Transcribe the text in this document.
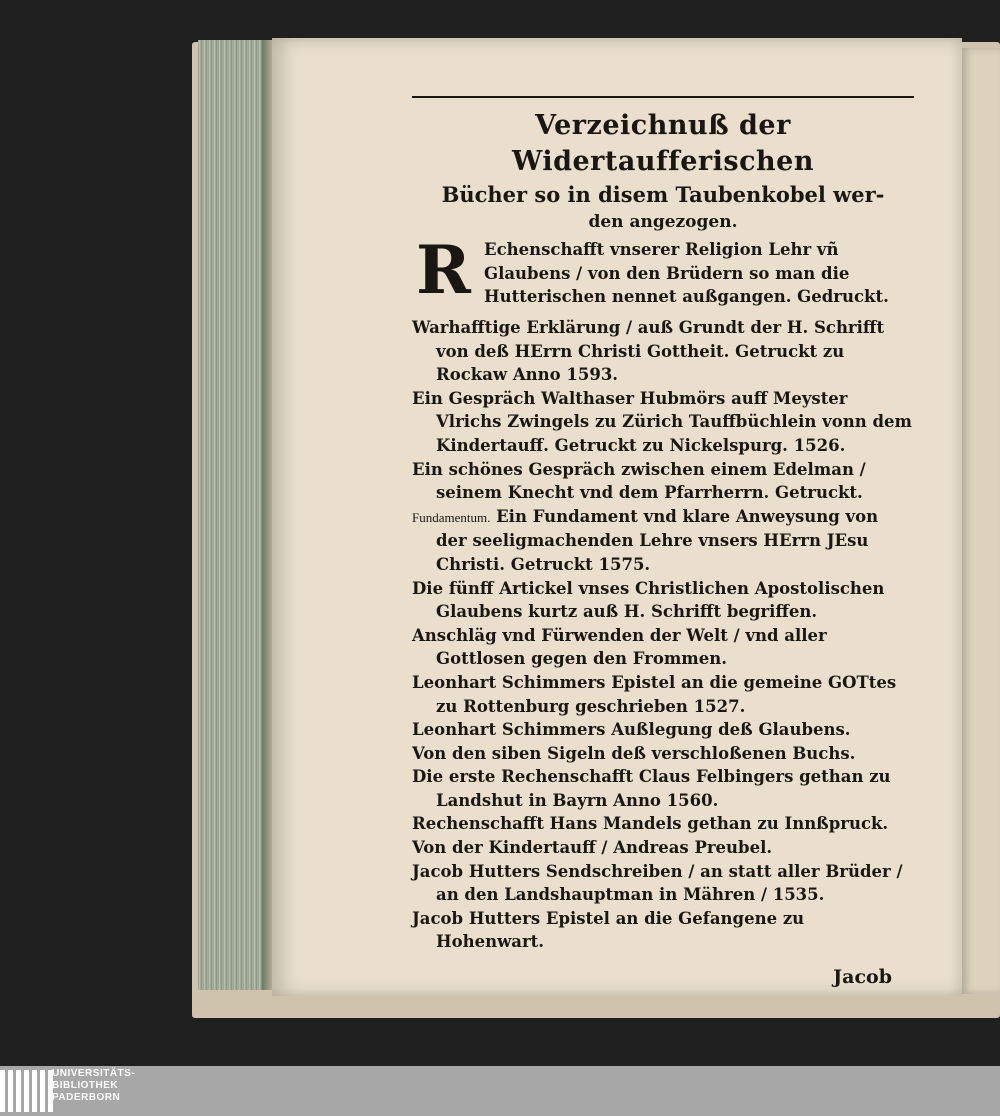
Verzeichnuß der Widertaufferischen
Bücher so in disem Taubenkobel wer-
den angezogen.
R Echenschafft vnserer Religion Lehr vñ Glaubens / von den Brüdern so man die Hutterischen nennet außgangen. Gedruckt.
Warhafftige Erklärung / auß Grundt der H. Schrifft von deß HErrn Christi Gottheit. Getruckt zu Rockaw Anno 1593.
Ein Gespräch Walthaser Hubmörs auff Meyster Vlrichs Zwingels zu Zürich Tauffbüchlein vonn dem Kindertauff. Getruckt zu Nickelspurg. 1526.
Ein schönes Gespräch zwischen einem Edelman / seinem Knecht vnd dem Pfarrherrn. Getruckt.
Fundamentum. Ein Fundament vnd klare Anweysung von der seeligmachenden Lehre vnsers HErrn JEsu Christi. Getruckt 1575.
Die fünff Artickel vnses Christlichen Apostolischen Glaubens kurtz auß H. Schrifft begriffen.
Anschläg vnd Fürwenden der Welt / vnd aller Gottlosen gegen den Frommen.
Leonhart Schimmers Epistel an die gemeine GOTtes zu Rottenburg geschrieben 1527.
Leonhart Schimmers Außlegung deß Glaubens.
Von den siben Sigeln deß verschloßenen Buchs.
Die erste Rechenschafft Claus Felbingers gethan zu Landshut in Bayrn Anno 1560.
Rechenschafft Hans Mandels gethan zu Innßpruck.
Von der Kindertauff / Andreas Preubel.
Jacob Hutters Sendschreiben / an statt aller Brüder / an den Landshauptman in Mähren / 1535.
Jacob Hutters Epistel an die Gefangene zu Hohenwart.
Jacob
UNIVERSITÄTS-
BIBLIOTHEK
PADERBORN
